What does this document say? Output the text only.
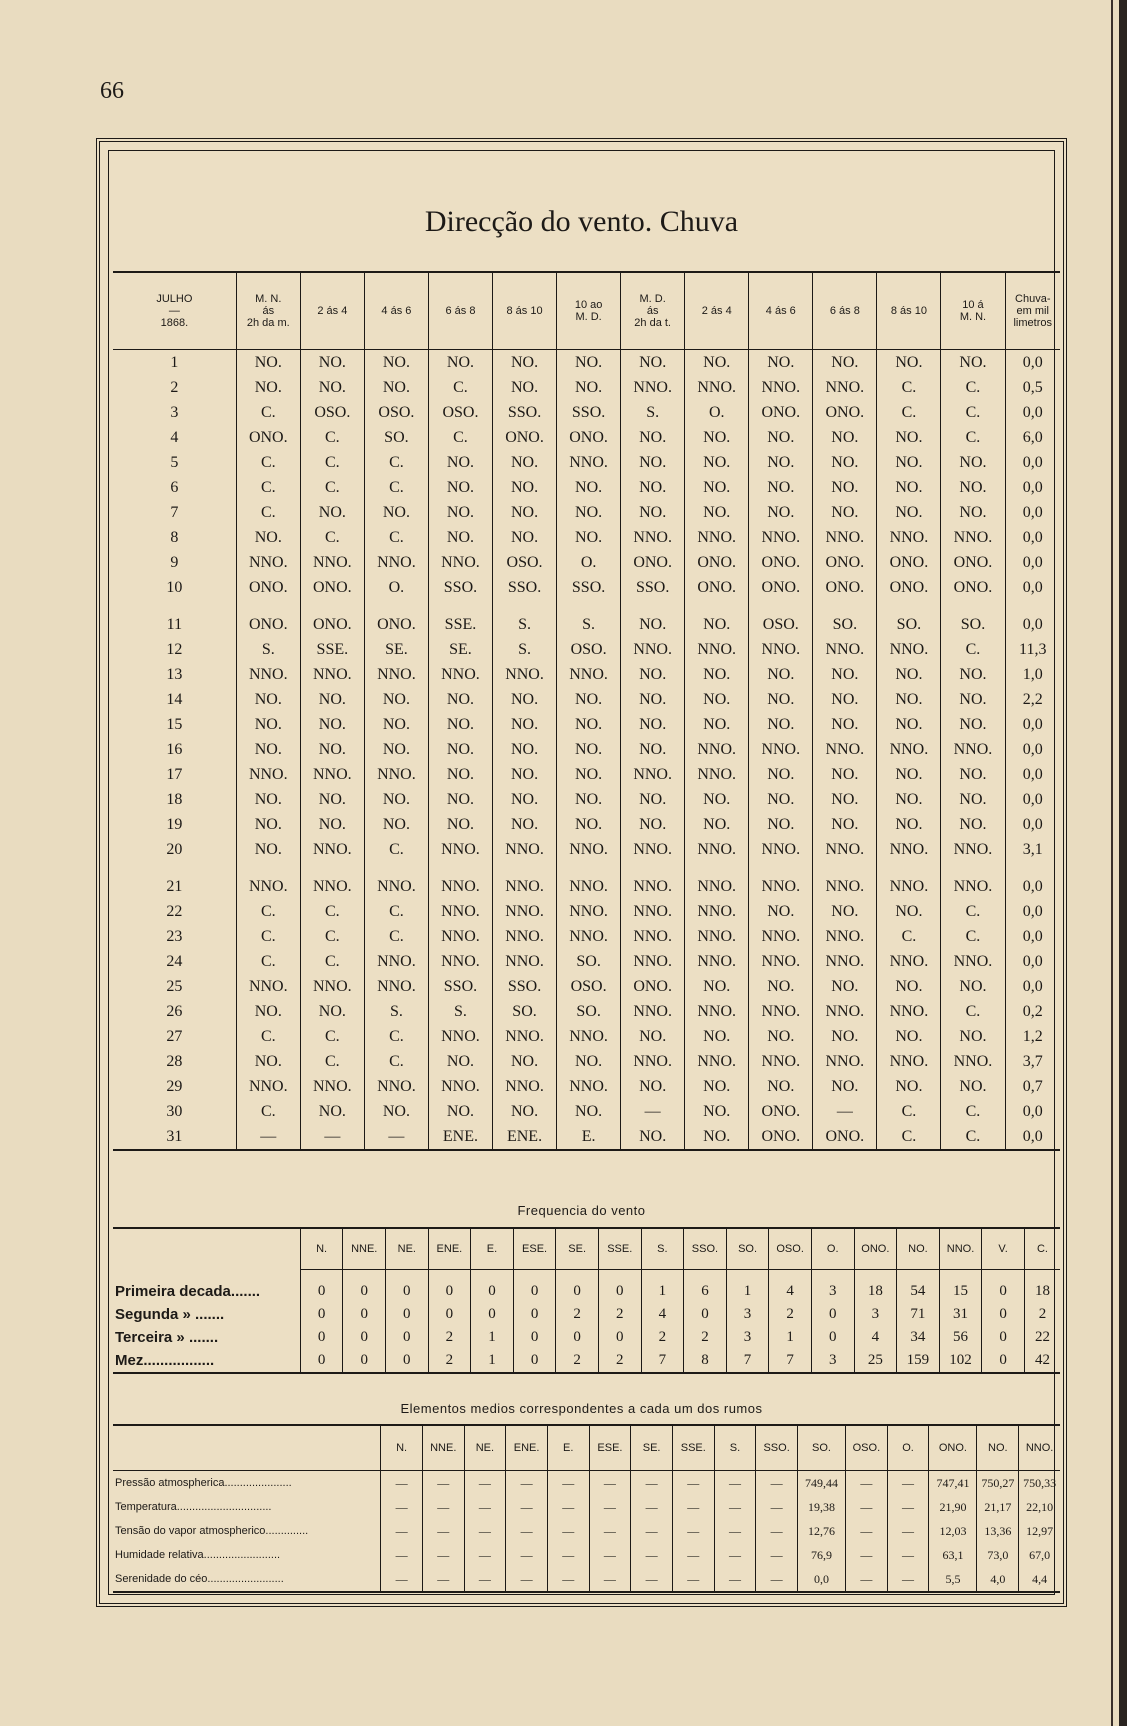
66
Direcção do vento. Chuva
JULHO
—
1868.	M. N.
ás
2h da m.	2 ás 4	4 ás 6	6 ás 8	8 ás 10	10 ao
M. D.	M. D.
ás
2h da t.	2 ás 4	4 ás 6	6 ás 8	8 ás 10	10 á
M. N.	Chuva-
em mil
limetros
1	NO.	NO.	NO.	NO.	NO.	NO.	NO.	NO.	NO.	NO.	NO.	NO.	0,0
2	NO.	NO.	NO.	C.	NO.	NO.	NNO.	NNO.	NNO.	NNO.	C.	C.	0,5
3	C.	OSO.	OSO.	OSO.	SSO.	SSO.	S.	O.	ONO.	ONO.	C.	C.	0,0
4	ONO.	C.	SO.	C.	ONO.	ONO.	NO.	NO.	NO.	NO.	NO.	C.	6,0
5	C.	C.	C.	NO.	NO.	NNO.	NO.	NO.	NO.	NO.	NO.	NO.	0,0
6	C.	C.	C.	NO.	NO.	NO.	NO.	NO.	NO.	NO.	NO.	NO.	0,0
7	C.	NO.	NO.	NO.	NO.	NO.	NO.	NO.	NO.	NO.	NO.	NO.	0,0
8	NO.	C.	C.	NO.	NO.	NO.	NNO.	NNO.	NNO.	NNO.	NNO.	NNO.	0,0
9	NNO.	NNO.	NNO.	NNO.	OSO.	O.	ONO.	ONO.	ONO.	ONO.	ONO.	ONO.	0,0
10	ONO.	ONO.	O.	SSO.	SSO.	SSO.	SSO.	ONO.	ONO.	ONO.	ONO.	ONO.	0,0
11	ONO.	ONO.	ONO.	SSE.	S.	S.	NO.	NO.	OSO.	SO.	SO.	SO.	0,0
12	S.	SSE.	SE.	SE.	S.	OSO.	NNO.	NNO.	NNO.	NNO.	NNO.	C.	11,3
13	NNO.	NNO.	NNO.	NNO.	NNO.	NNO.	NO.	NO.	NO.	NO.	NO.	NO.	1,0
14	NO.	NO.	NO.	NO.	NO.	NO.	NO.	NO.	NO.	NO.	NO.	NO.	2,2
15	NO.	NO.	NO.	NO.	NO.	NO.	NO.	NO.	NO.	NO.	NO.	NO.	0,0
16	NO.	NO.	NO.	NO.	NO.	NO.	NO.	NNO.	NNO.	NNO.	NNO.	NNO.	0,0
17	NNO.	NNO.	NNO.	NO.	NO.	NO.	NNO.	NNO.	NO.	NO.	NO.	NO.	0,0
18	NO.	NO.	NO.	NO.	NO.	NO.	NO.	NO.	NO.	NO.	NO.	NO.	0,0
19	NO.	NO.	NO.	NO.	NO.	NO.	NO.	NO.	NO.	NO.	NO.	NO.	0,0
20	NO.	NNO.	C.	NNO.	NNO.	NNO.	NNO.	NNO.	NNO.	NNO.	NNO.	NNO.	3,1
21	NNO.	NNO.	NNO.	NNO.	NNO.	NNO.	NNO.	NNO.	NNO.	NNO.	NNO.	NNO.	0,0
22	C.	C.	C.	NNO.	NNO.	NNO.	NNO.	NNO.	NO.	NO.	NO.	C.	0,0
23	C.	C.	C.	NNO.	NNO.	NNO.	NNO.	NNO.	NNO.	NNO.	C.	C.	0,0
24	C.	C.	NNO.	NNO.	NNO.	SO.	NNO.	NNO.	NNO.	NNO.	NNO.	NNO.	0,0
25	NNO.	NNO.	NNO.	SSO.	SSO.	OSO.	ONO.	NO.	NO.	NO.	NO.	NO.	0,0
26	NO.	NO.	S.	S.	SO.	SO.	NNO.	NNO.	NNO.	NNO.	NNO.	C.	0,2
27	C.	C.	C.	NNO.	NNO.	NNO.	NO.	NO.	NO.	NO.	NO.	NO.	1,2
28	NO.	C.	C.	NO.	NO.	NO.	NNO.	NNO.	NNO.	NNO.	NNO.	NNO.	3,7
29	NNO.	NNO.	NNO.	NNO.	NNO.	NNO.	NO.	NO.	NO.	NO.	NO.	NO.	0,7
30	C.	NO.	NO.	NO.	NO.	NO.	—	NO.	ONO.	—	C.	C.	0,0
31	—	—	—	ENE.	ENE.	E.	NO.	NO.	ONO.	ONO.	C.	C.	0,0
Frequencia do vento
	N.	NNE.	NE.	ENE.	E.	ESE.	SE.	SSE.	S.	SSO.	SO.	OSO.	O.	ONO.	NO.	NNO.	V.	C.
Primeira decada.......	0	0	0	0	0	0	0	0	1	6	1	4	3	18	54	15	0	18
Segunda » .......	0	0	0	0	0	0	2	2	4	0	3	2	0	3	71	31	0	2
Terceira » .......	0	0	0	2	1	0	0	0	2	2	3	1	0	4	34	56	0	22
Mez.................	0	0	0	2	1	0	2	2	7	8	7	7	3	25	159	102	0	42
Elementos medios correspondentes a cada um dos rumos
	N.	NNE.	NE.	ENE.	E.	ESE.	SE.	SSE.	S.	SSO.	SO.	OSO.	O.	ONO.	NO.	NNO.
Pressão atmospherica......................	—	—	—	—	—	—	—	—	—	—	749,44	—	—	747,41	750,27	750,33
Temperatura...............................	—	—	—	—	—	—	—	—	—	—	19,38	—	—	21,90	21,17	22,10
Tensão do vapor atmospherico..............	—	—	—	—	—	—	—	—	—	—	12,76	—	—	12,03	13,36	12,97
Humidade relativa.........................	—	—	—	—	—	—	—	—	—	—	76,9	—	—	63,1	73,0	67,0
Serenidade do céo.........................	—	—	—	—	—	—	—	—	—	—	0,0	—	—	5,5	4,0	4,4
